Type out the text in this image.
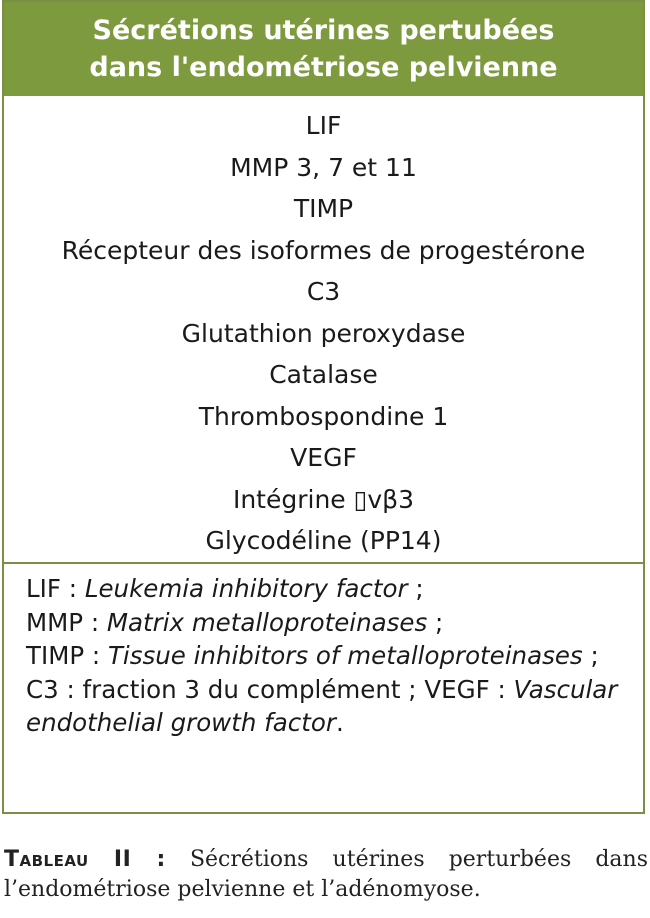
Sécrétions utérines pertubées
dans l'endométriose pelvienne
LIF
MMP 3, 7 et 11
TIMP
Récepteur des isoformes de progestérone
C3
Glutathion peroxydase
Catalase
Thrombospondine 1
VEGF
Intégrine ▯vβ3
Glycodéline (PP14)
LIF : Leukemia inhibitory factor ;
MMP : Matrix metalloproteinases ;
TIMP : Tissue inhibitors of metalloproteinases ; C3 : fraction 3 du complément ; VEGF : Vascular endothelial growth factor.
Tableau II : Sécrétions utérines perturbées dans l’endométriose pelvienne et l’adénomyose.
